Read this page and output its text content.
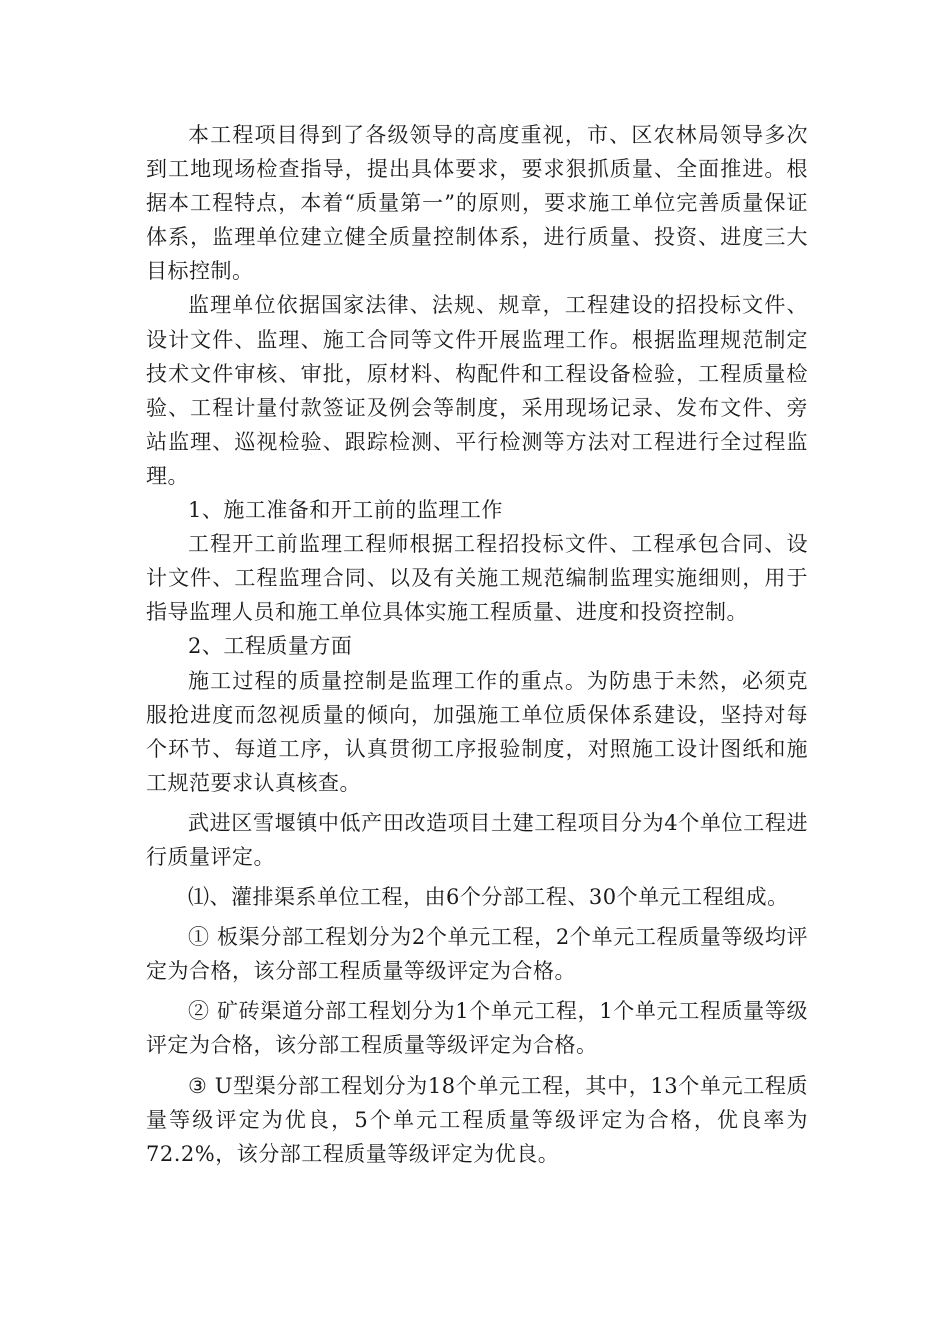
本工程项目得到了各级领导的高度重视，市、区农林局领导多次到工地现场检查指导，提出具体要求，要求狠抓质量、全面推进。根据本工程特点，本着“质量第一”的原则，要求施工单位完善质量保证体系，监理单位建立健全质量控制体系，进行质量、投资、进度三大目标控制。

监理单位依据国家法律、法规、规章，工程建设的招投标文件、设计文件、监理、施工合同等文件开展监理工作。根据监理规范制定技术文件审核、审批，原材料、构配件和工程设备检验，工程质量检验、工程计量付款签证及例会等制度，采用现场记录、发布文件、旁站监理、巡视检验、跟踪检测、平行检测等方法对工程进行全过程监理。

1、施工准备和开工前的监理工作

工程开工前监理工程师根据工程招投标文件、工程承包合同、设计文件、工程监理合同、以及有关施工规范编制监理实施细则，用于指导监理人员和施工单位具体实施工程质量、进度和投资控制。

2、工程质量方面

施工过程的质量控制是监理工作的重点。为防患于未然，必须克服抢进度而忽视质量的倾向，加强施工单位质保体系建设，坚持对每个环节、每道工序，认真贯彻工序报验制度，对照施工设计图纸和施工规范要求认真核查。

武进区雪堰镇中低产田改造项目土建工程项目分为4个单位工程进行质量评定。

⑴、灌排渠系单位工程，由6个分部工程、30个单元工程组成。

① 板渠分部工程划分为2个单元工程，2个单元工程质量等级均评定为合格，该分部工程质量等级评定为合格。

② 矿砖渠道分部工程划分为1个单元工程，1个单元工程质量等级评定为合格，该分部工程质量等级评定为合格。

③ U型渠分部工程划分为18个单元工程，其中，13个单元工程质量等级评定为优良，5个单元工程质量等级评定为合格，优良率为72.2%，该分部工程质量等级评定为优良。
